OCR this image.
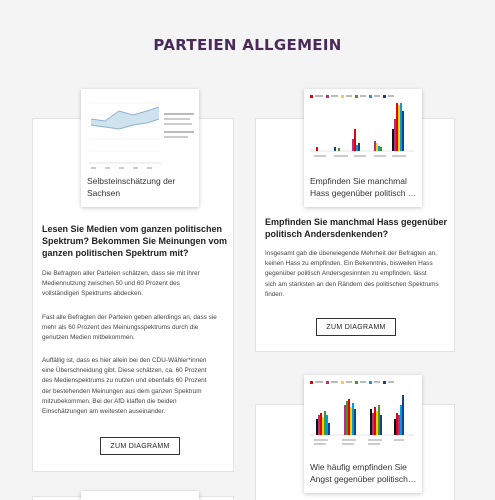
PARTEIEN ALLGEMEIN
Selbsteinschätzung der
Sachsen
Lesen Sie Medien vom ganzen politischen
Spektrum? Bekommen Sie Meinungen vom
ganzen politischen Spektrum mit?
Die Befragten aller Parteien schätzen, dass sie mit ihrer
Mediennutzung zwischen 50 und 60 Prozent des
vollständigen Spektrums abdecken.
Fast alle Befragten der Parteien geben allerdings an, dass sie
mehr als 60 Prozent des Meinungsspektrums durch die
genutzen Medien mitbekommen.
Auffällig ist, dass es hier allein bei den CDU-Wähler*innen
eine Überschneidung gibt. Diese schätzen, ca. 60 Prozent
des Medienspektrums zu nutzen und ebenfalls 60 Prozent
der bestehenden Meinungen aus dem ganzen Spektrum
mitzubekommen. Bei der AfD klaffen die beiden
Einschätzungen am weitesten auseinander.
ZUM DIAGRAMM
Empfinden Sie manchmal
Hass gegenüber politisch …
Empfinden Sie manchmal Hass gegenüber
politisch Andersdenkenden?
Insgesamt gab die überwiegende Mehrheit der Befragten an,
keinen Hass zu empfinden. Ein Bekenntnis, bisweilen Hass
gegenüber politisch Andersgesinnten zu empfinden, lässt
sich am stärksten an den Rändern des politischen Spektrums
finden.
ZUM DIAGRAMM
Wie häufig empfinden Sie
Angst gegenüber politisch…
